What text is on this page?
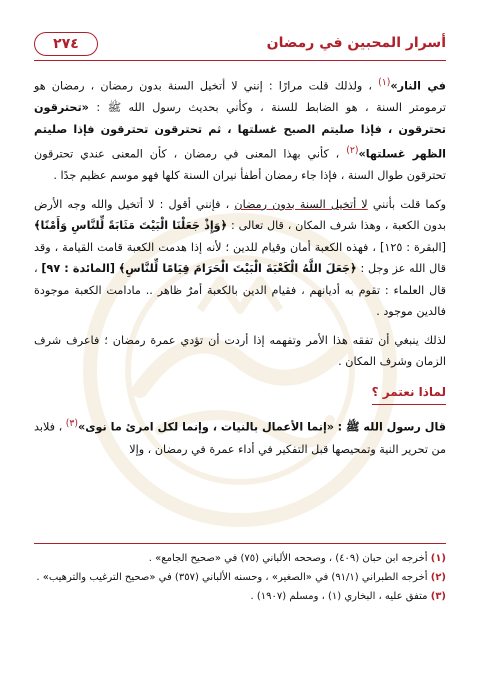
أسرار المحبين في رمضان
٢٧٤

في النار»$^{(١)}$ ، ولذلك قلت مرارًا : إنني لا أتخيل السنة بدون رمضان ، رمضان هو ترمومتر السنة ، هو الضابط للسنة ، وكأني بحديث رسول الله ﷺ : «تحترقون تحترقون ، فإذا صليتم الصبح غسلتها ، ثم تحترقون تحترقون فإذا صليتم الظهر غسلتها»$^{(٢)}$ ، كأني بهذا المعنى في رمضان ، كأن المعنى عندي تحترقون تحترقون طوال السنة ، فإذا جاء رمضان أطفأ نيران السنة كلها فهو موسم عظيم جدًا .

وكما قلت بأنني لا أتخيل السنة بدون رمضان ، فإنني أقول : لا أتخيل والله وجه الأرض بدون الكعبة ، وهذا شرف المكان ، قال تعالى : ﴿وَإِذْ جَعَلْنَا الْبَيْتَ مَثَابَةً لِّلنَّاسِ وَأَمْنًا﴾ [البقرة : ١٢٥] ، فهذه الكعبة أمان وقيام للدين ؛ لأنه إذا هدمت الكعبة قامت القيامة ، وقد قال الله عز وجل : ﴿جَعَلَ اللَّهُ الْكَعْبَةَ الْبَيْتَ الْحَرَامَ قِيَامًا لِّلنَّاسِ﴾ [المائدة : ٩٧] ، قال العلماء : تقوم به أديانهم ، فقيام الدين بالكعبة أمرٌ ظاهر .. مادامت الكعبة موجودة فالدين موجود .

لذلك ينبغي أن تفقه هذا الأمر وتفهمه إذا أردت أن تؤدي عمرة رمضان ؛ فاعرف شرف الزمان وشرف المكان .

لماذا نعتمر ؟

قال رسول الله ﷺ : «إنما الأعمال بالنيات ، وإنما لكل امرئ ما نوى»$^{(٣)}$ ، فلابد من تحرير النية وتمحيصها قبل التفكير في أداء عمرة في رمضان ، وإلا

(١) أخرجه ابن حبان (٤٠٩) ، وصححه الألباني (٧٥) في «صحيح الجامع» .

(٢) أخرجه الطبراني (٩١/١) في «الصغير» ، وحسنه الألباني (٣٥٧) في «صحيح الترغيب والترهيب» .

(٣) متفق عليه ، البخاري (١) ، ومسلم (١٩٠٧) .
